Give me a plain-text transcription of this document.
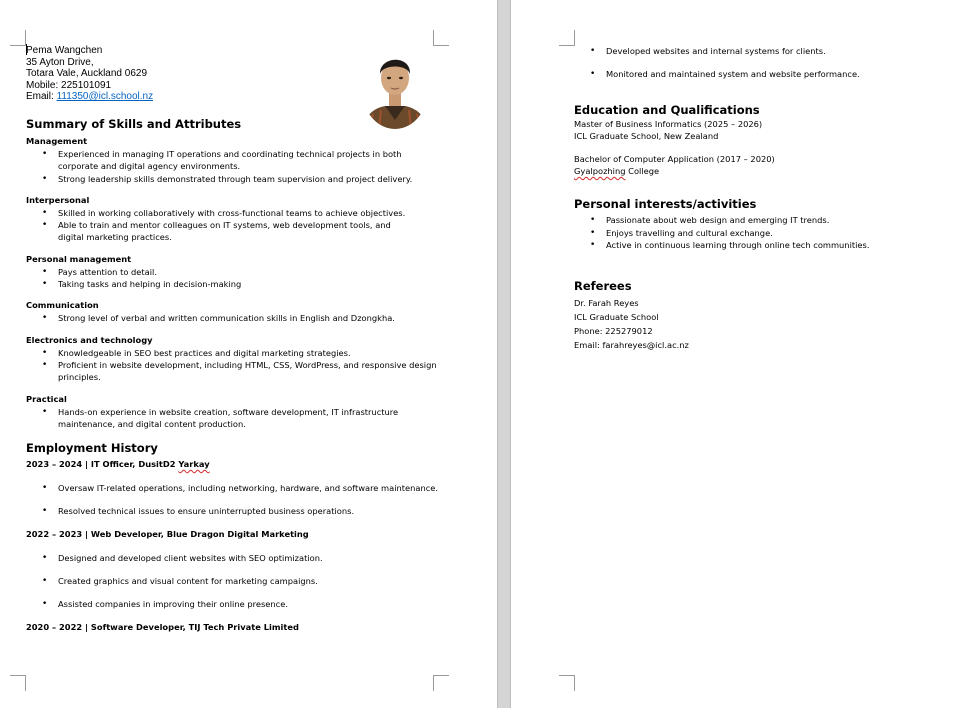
Pema Wangchen
35 Ayton Drive,
Totara Vale, Auckland 0629
Mobile: 225101091
Email: 111350@icl.school.nz
Summary of Skills and Attributes
Management
• Experienced in managing IT operations and coordinating technical projects in both corporate and digital agency environments.
• Strong leadership skills demonstrated through team supervision and project delivery.
Interpersonal
• Skilled in working collaboratively with cross-functional teams to achieve objectives.
• Able to train and mentor colleagues on IT systems, web development tools, and digital marketing practices.
Personal management
• Pays attention to detail.
• Taking tasks and helping in decision-making
Communication
• Strong level of verbal and written communication skills in English and Dzongkha.
Electronics and technology
• Knowledgeable in SEO best practices and digital marketing strategies.
• Proficient in website development, including HTML, CSS, WordPress, and responsive design principles.
Practical
• Hands-on experience in website creation, software development, IT infrastructure maintenance, and digital content production.
Employment History
2023 – 2024 | IT Officer, DusitD2 Yarkay
• Oversaw IT-related operations, including networking, hardware, and software maintenance.
• Resolved technical issues to ensure uninterrupted business operations.
2022 – 2023 | Web Developer, Blue Dragon Digital Marketing
• Designed and developed client websites with SEO optimization.
• Created graphics and visual content for marketing campaigns.
• Assisted companies in improving their online presence.
2020 – 2022 | Software Developer, TIJ Tech Private Limited
• Developed websites and internal systems for clients.
• Monitored and maintained system and website performance.
Education and Qualifications
Master of Business Informatics (2025 – 2026)
ICL Graduate School, New Zealand
Bachelor of Computer Application (2017 – 2020)
Gyalpozhing College
Personal interests/activities
• Passionate about web design and emerging IT trends.
• Enjoys travelling and cultural exchange.
• Active in continuous learning through online tech communities.
Referees
Dr. Farah Reyes
ICL Graduate School
Phone: 225279012
Email: farahreyes@icl.ac.nz
